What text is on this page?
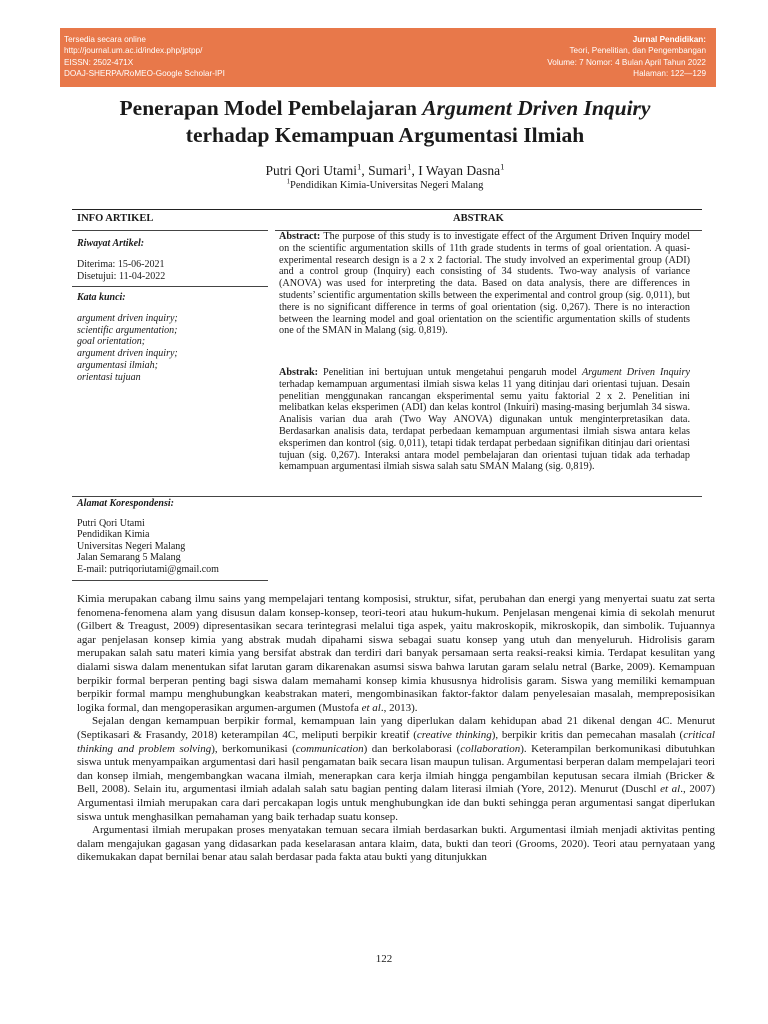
Tersedia secara online
http://journal.um.ac.id/index.php/jptpp/
EISSN: 2502-471X
DOAJ-SHERPA/RoMEO-Google Scholar-IPI
Jurnal Pendidikan:
Teori, Penelitian, dan Pengembangan
Volume: 7 Nomor: 4 Bulan April Tahun 2022
Halaman: 122—129
Penerapan Model Pembelajaran Argument Driven Inquiry
terhadap Kemampuan Argumentasi Ilmiah
Putri Qori Utami$^1$, Sumari$^1$, I Wayan Dasna$^1$
$^1$Pendidikan Kimia-Universitas Negeri Malang
INFO ARTIKEL	ABSTRAK
Riwayat Artikel:
Diterima: 15-06-2021
Disetujui: 11-04-2022
Kata kunci:
argument driven inquiry;
scientific argumentation;
goal orientation;
argument driven inquiry;
argumentasi ilmiah;
orientasi tujuan
Abstract: The purpose of this study is to investigate effect of the Argument Driven Inquiry model on the scientific argumentation skills of 11th grade students in terms of goal orientation. A quasi-experimental research design is a 2 x 2 factorial. The study involved an experimental group (ADI) and a control group (Inquiry) each consisting of 34 students. Two-way analysis of variance (ANOVA) was used for interpreting the data. Based on data analysis, there are differences in students’ scientific argumentation skills between the experimental and control group (sig. 0,011), but there is no significant difference in terms of goal orientation (sig. 0,267). There is no interaction between the learning model and goal orientation on the scientific argumentation skills of students one of the SMAN in Malang (sig. 0,819).
Abstrak: Penelitian ini bertujuan untuk mengetahui pengaruh model Argument Driven Inquiry terhadap kemampuan argumentasi ilmiah siswa kelas 11 yang ditinjau dari orientasi tujuan. Desain penelitian menggunakan rancangan eksperimental semu yaitu faktorial 2 x 2. Penelitian ini melibatkan kelas eksperimen (ADI) dan kelas kontrol (Inkuiri) masing-masing berjumlah 34 siswa. Analisis varian dua arah (Two Way ANOVA) digunakan untuk menginterpretasikan data. Berdasarkan analisis data, terdapat perbedaan kemampuan argumentasi ilmiah siswa antara kelas eksperimen dan kontrol (sig. 0,011), tetapi tidak terdapat perbedaan signifikan ditinjau dari orientasi tujuan (sig. 0,267). Interaksi antara model pembelajaran dan orientasi tujuan tidak ada terhadap kemampuan argumentasi ilmiah siswa salah satu SMAN Malang (sig. 0,819).
Alamat Korespondensi:
Putri Qori Utami
Pendidikan Kimia
Universitas Negeri Malang
Jalan Semarang 5 Malang
E-mail: putriqoriutami@gmail.com

Kimia merupakan cabang ilmu sains yang mempelajari tentang komposisi, struktur, sifat, perubahan dan energi yang menyertai suatu zat serta fenomena-fenomena alam yang disusun dalam konsep-konsep, teori-teori atau hukum-hukum. Penjelasan mengenai kimia di sekolah menurut (Gilbert & Treagust, 2009) dipresentasikan secara terintegrasi melalui tiga aspek, yaitu makroskopik, mikroskopik, dan simbolik. Tujuannya agar penjelasan konsep kimia yang abstrak mudah dipahami siswa sebagai suatu konsep yang utuh dan menyeluruh. Hidrolisis garam merupakan salah satu materi kimia yang bersifat abstrak dan terdiri dari banyak persamaan serta reaksi-reaksi kimia. Terdapat kesulitan yang dialami siswa dalam menentukan sifat larutan garam dikarenakan asumsi siswa bahwa larutan garam selalu netral (Barke, 2009). Kemampuan berpikir formal berperan penting bagi siswa dalam memahami konsep kimia khususnya hidrolisis garam. Siswa yang memiliki kemampuan berpikir formal mampu menghubungkan keabstrakan materi, mengombinasikan faktor-faktor dalam penyelesaian masalah, mempreposisikan logika formal, dan mengoperasikan argumen-argumen (Mustofa et al., 2013).

Sejalan dengan kemampuan berpikir formal, kemampuan lain yang diperlukan dalam kehidupan abad 21 dikenal dengan 4C. Menurut (Septikasari & Frasandy, 2018) keterampilan 4C, meliputi berpikir kreatif (creative thinking), berpikir kritis dan pemecahan masalah (critical thinking and problem solving), berkomunikasi (communication) dan berkolaborasi (collaboration). Keterampilan berkomunikasi dibutuhkan siswa untuk menyampaikan argumentasi dari hasil pengamatan baik secara lisan maupun tulisan. Argumentasi berperan dalam mempelajari teori dan konsep ilmiah, mengembangkan wacana ilmiah, menerapkan cara kerja ilmiah hingga pengambilan keputusan secara ilmiah (Bricker & Bell, 2008). Selain itu, argumentasi ilmiah adalah salah satu bagian penting dalam literasi ilmiah (Yore, 2012). Menurut (Duschl et al., 2007) Argumentasi ilmiah merupakan cara dari percakapan logis untuk menghubungkan ide dan bukti sehingga peran argumentasi sangat diperlukan siswa untuk menghasilkan pemahaman yang baik terhadap suatu konsep.

Argumentasi ilmiah merupakan proses menyatakan temuan secara ilmiah berdasarkan bukti. Argumentasi ilmiah menjadi aktivitas penting dalam mengajukan gagasan yang didasarkan pada keselarasan antara klaim, data, bukti dan teori (Grooms, 2020). Teori atau pernyataan yang dikemukakan dapat bernilai benar atau salah berdasar pada fakta atau bukti yang ditunjukkan

122
